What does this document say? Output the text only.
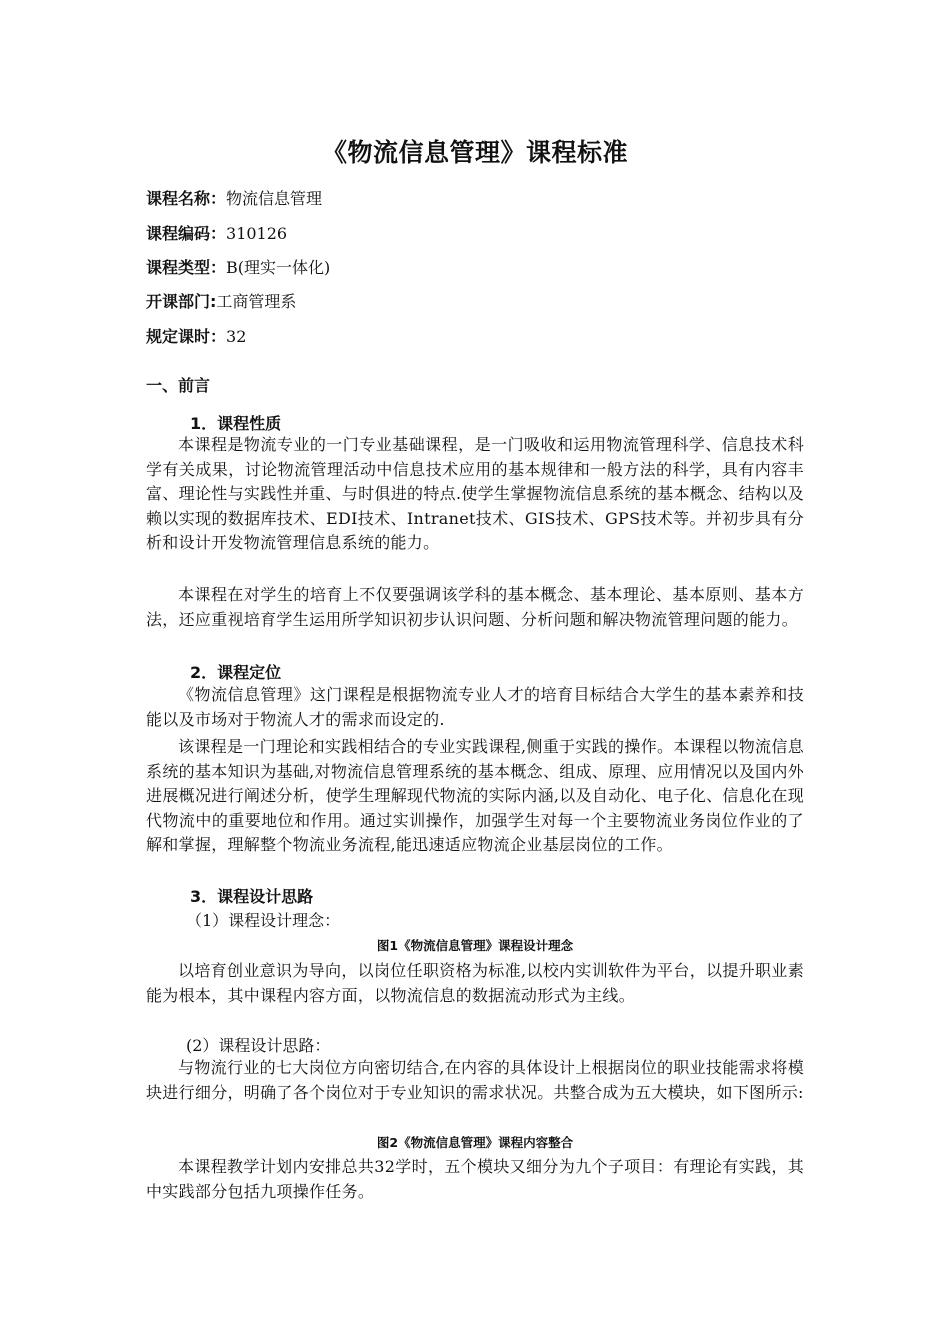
《物流信息管理》课程标准
课程名称：物流信息管理
课程编码：310126
课程类型：B(理实一体化)
开课部门:工商管理系
规定课时：32
一、前言
1．课程性质

本课程是物流专业的一门专业基础课程，是一门吸收和运用物流管理科学、信息技术科学有关成果，讨论物流管理活动中信息技术应用的基本规律和一般方法的科学，具有内容丰富、理论性与实践性并重、与时俱进的特点.使学生掌握物流信息系统的基本概念、结构以及赖以实现的数据库技术、EDI技术、Intranet技术、GIS技术、GPS技术等。并初步具有分析和设计开发物流管理信息系统的能力。

本课程在对学生的培育上不仅要强调该学科的基本概念、基本理论、基本原则、基本方法，还应重视培育学生运用所学知识初步认识问题、分析问题和解决物流管理问题的能力。

2．课程定位

《物流信息管理》这门课程是根据物流专业人才的培育目标结合大学生的基本素养和技能以及市场对于物流人才的需求而设定的.

该课程是一门理论和实践相结合的专业实践课程,侧重于实践的操作。本课程以物流信息系统的基本知识为基础,对物流信息管理系统的基本概念、组成、原理、应用情况以及国内外进展概况进行阐述分析，使学生理解现代物流的实际内涵,以及自动化、电子化、信息化在现代物流中的重要地位和作用。通过实训操作，加强学生对每一个主要物流业务岗位作业的了解和掌握，理解整个物流业务流程,能迅速适应物流企业基层岗位的工作。

3．课程设计思路
（1）课程设计理念：
图1《物流信息管理》课程设计理念

以培育创业意识为导向，以岗位任职资格为标准,以校内实训软件为平台，以提升职业素能为根本，其中课程内容方面，以物流信息的数据流动形式为主线。

(2）课程设计思路：

与物流行业的七大岗位方向密切结合,在内容的具体设计上根据岗位的职业技能需求将模块进行细分，明确了各个岗位对于专业知识的需求状况。共整合成为五大模块，如下图所示:

图2《物流信息管理》课程内容整合

本课程教学计划内安排总共32学时，五个模块又细分为九个子项目：有理论有实践，其中实践部分包括九项操作任务。
